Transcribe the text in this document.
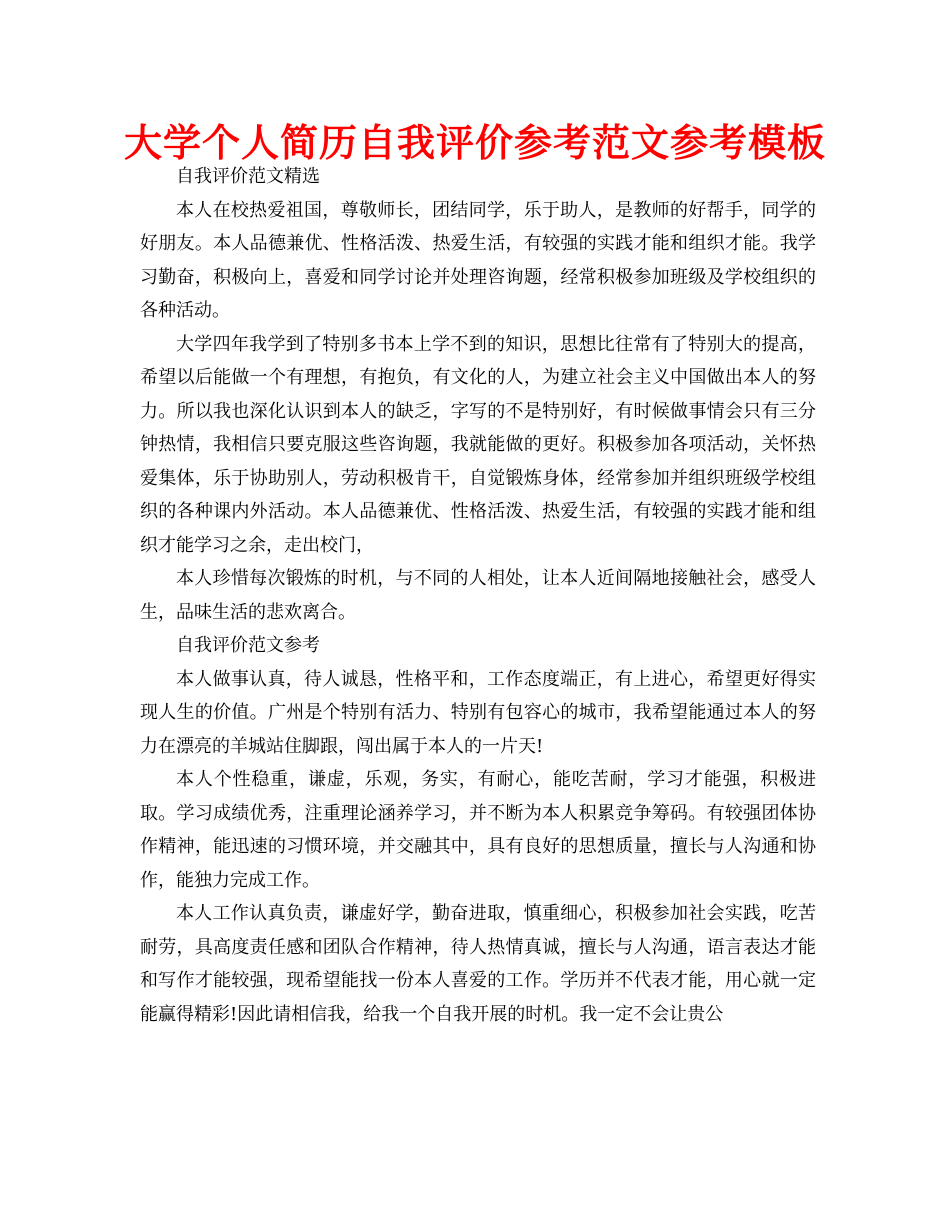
大学个人简历自我评价参考范文参考模板

自我评价范文精选

本人在校热爱祖国，尊敬师长，团结同学，乐于助人，是教师的好帮手，同学的好朋友。本人品德兼优、性格活泼、热爱生活，有较强的实践才能和组织才能。我学习勤奋，积极向上，喜爱和同学讨论并处理咨询题，经常积极参加班级及学校组织的各种活动。

大学四年我学到了特别多书本上学不到的知识，思想比往常有了特别大的提高，希望以后能做一个有理想，有抱负，有文化的人，为建立社会主义中国做出本人的努力。所以我也深化认识到本人的缺乏，字写的不是特别好，有时候做事情会只有三分钟热情，我相信只要克服这些咨询题，我就能做的更好。积极参加各项活动，关怀热爱集体，乐于协助别人，劳动积极肯干，自觉锻炼身体，经常参加并组织班级学校组织的各种课内外活动。本人品德兼优、性格活泼、热爱生活，有较强的实践才能和组织才能学习之余，走出校门，

本人珍惜每次锻炼的时机，与不同的人相处，让本人近间隔地接触社会，感受人生，品味生活的悲欢离合。

自我评价范文参考

本人做事认真，待人诚恳，性格平和，工作态度端正，有上进心，希望更好得实现人生的价值。广州是个特别有活力、特别有包容心的城市，我希望能通过本人的努力在漂亮的羊城站住脚跟，闯出属于本人的一片天!

本人个性稳重，谦虚，乐观，务实，有耐心，能吃苦耐，学习才能强，积极进取。学习成绩优秀，注重理论涵养学习，并不断为本人积累竞争筹码。有较强团体协作精神，能迅速的习惯环境，并交融其中，具有良好的思想质量，擅长与人沟通和协作，能独力完成工作。

本人工作认真负责，谦虚好学，勤奋进取，慎重细心，积极参加社会实践，吃苦耐劳，具高度责任感和团队合作精神，待人热情真诚，擅长与人沟通，语言表达才能和写作才能较强，现希望能找一份本人喜爱的工作。学历并不代表才能，用心就一定能赢得精彩!因此请相信我，给我一个自我开展的时机。我一定不会让贵公
